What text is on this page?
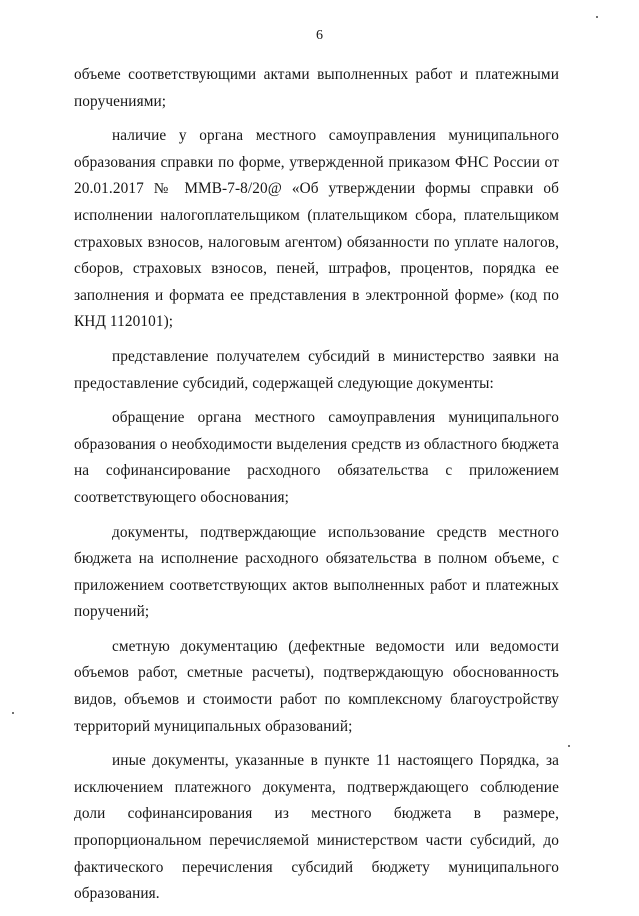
6

объеме соответствующими актами выполненных работ и платежными поручениями;

наличие у органа местного самоуправления муниципального образования справки по форме, утвержденной приказом ФНС России от 20.01.2017 № ММВ-7-8/20@ «Об утверждении формы справки об исполнении налогоплательщиком (плательщиком сбора, плательщиком страховых взносов, налоговым агентом) обязанности по уплате налогов, сборов, страховых взносов, пеней, штрафов, процентов, порядка ее заполнения и формата ее представления в электронной форме» (код по КНД 1120101);

представление получателем субсидий в министерство заявки на предоставление субсидий, содержащей следующие документы:

обращение органа местного самоуправления муниципального образования о необходимости выделения средств из областного бюджета на софинансирование расходного обязательства с приложением соответствующего обоснования;

документы, подтверждающие использование средств местного бюджета на исполнение расходного обязательства в полном объеме, с приложением соответствующих актов выполненных работ и платежных поручений;

сметную документацию (дефектные ведомости или ведомости объемов работ, сметные расчеты), подтверждающую обоснованность видов, объемов и стоимости работ по комплексному благоустройству территорий муниципальных образований;

иные документы, указанные в пункте 11 настоящего Порядка, за исключением платежного документа, подтверждающего соблюдение доли софинансирования из местного бюджета в размере, пропорциональном перечисляемой министерством части субсидий, до фактического перечисления субсидий бюджету муниципального образования.
